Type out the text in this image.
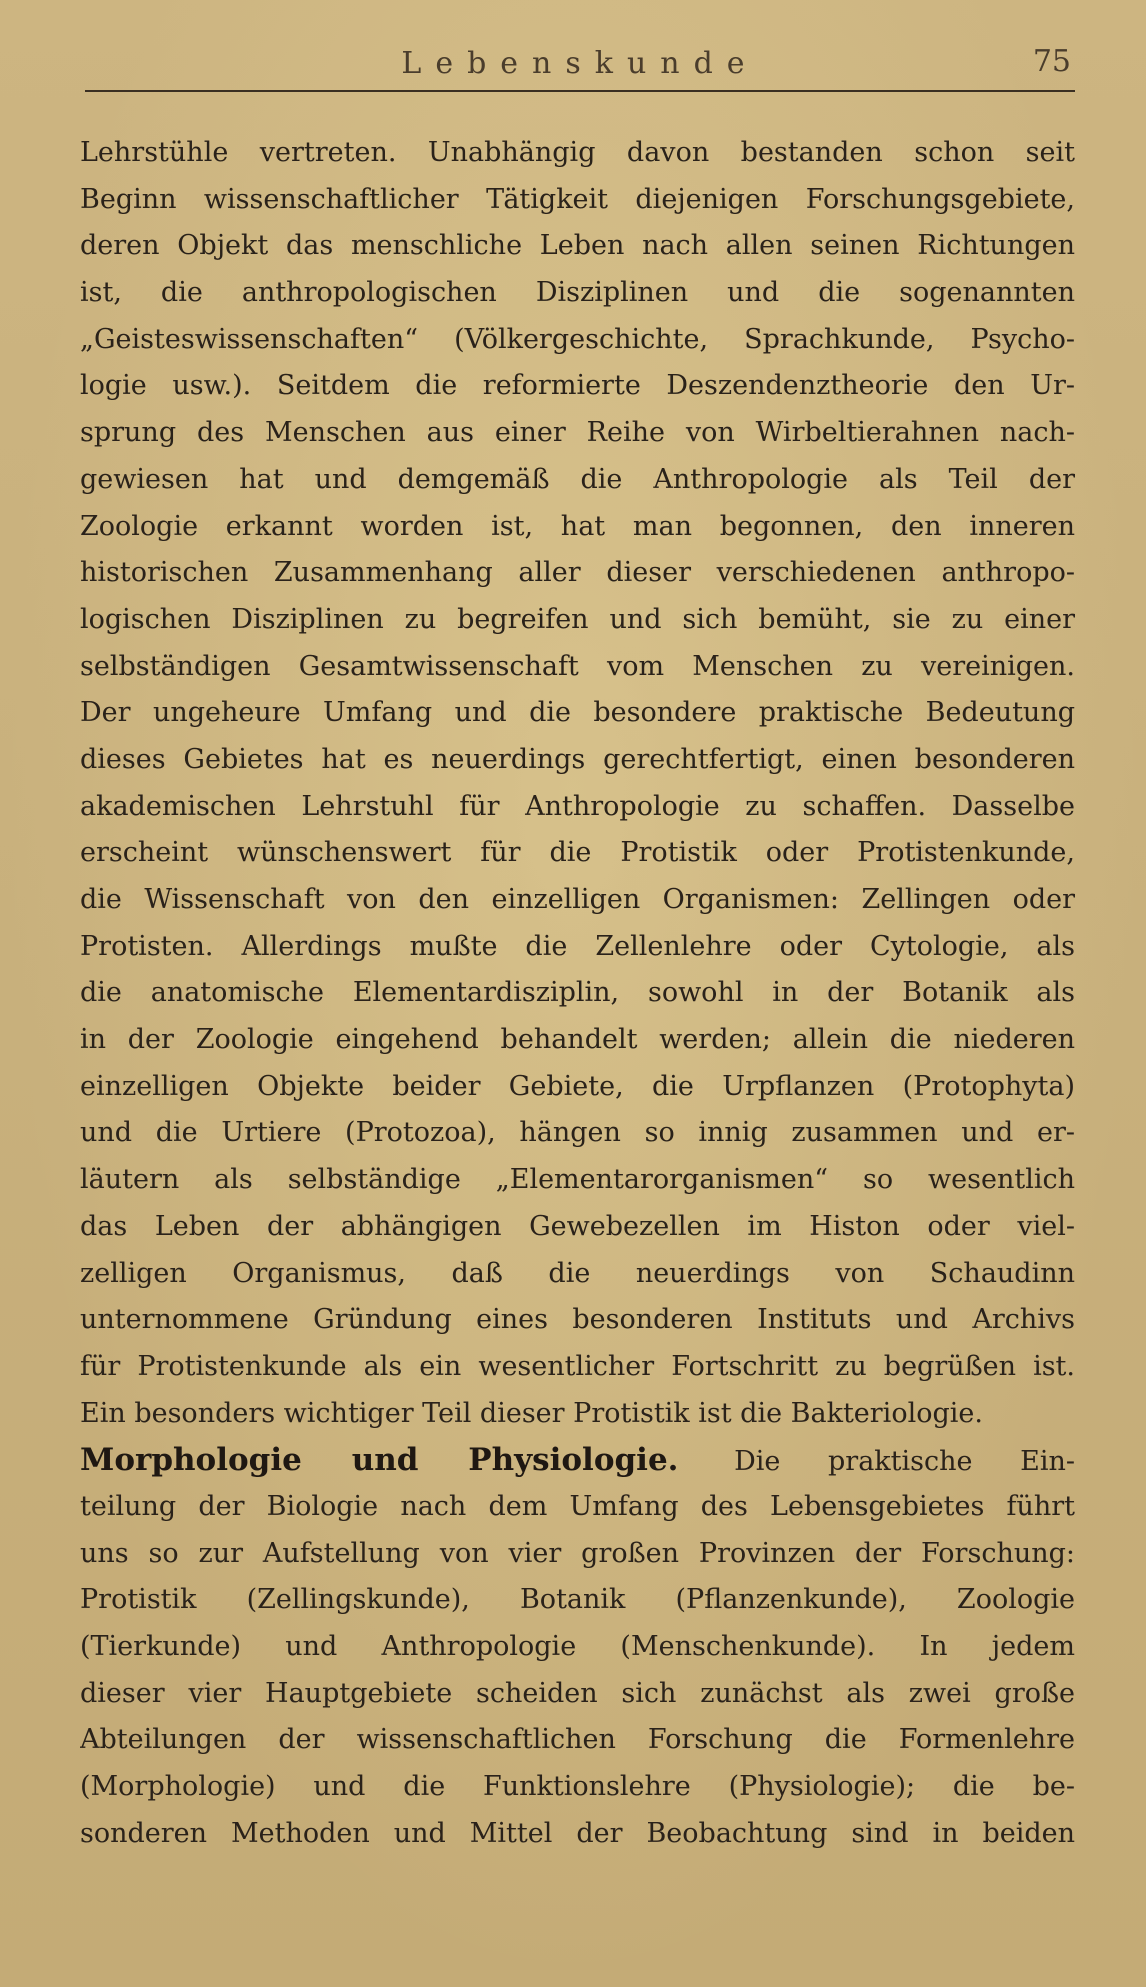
Lebenskunde	75
Lehrstühle vertreten. Unabhängig davon bestanden schon seit
Beginn wissenschaftlicher Tätigkeit diejenigen Forschungsgebiete,
deren Objekt das menschliche Leben nach allen seinen Richtungen
ist, die anthropologischen Disziplinen und die sogenannten
„Geisteswissenschaften“ (Völkergeschichte, Sprachkunde, Psycho-
logie usw.). Seitdem die reformierte Deszendenztheorie den Ur-
sprung des Menschen aus einer Reihe von Wirbeltierahnen nach-
gewiesen hat und demgemäß die Anthropologie als Teil der
Zoologie erkannt worden ist, hat man begonnen, den inneren
historischen Zusammenhang aller dieser verschiedenen anthropo-
logischen Disziplinen zu begreifen und sich bemüht, sie zu einer
selbständigen Gesamtwissenschaft vom Menschen zu vereinigen.
Der ungeheure Umfang und die besondere praktische Bedeutung
dieses Gebietes hat es neuerdings gerechtfertigt, einen besonderen
akademischen Lehrstuhl für Anthropologie zu schaffen. Dasselbe
erscheint wünschenswert für die Protistik oder Protistenkunde,
die Wissenschaft von den einzelligen Organismen: Zellingen oder
Protisten. Allerdings mußte die Zellenlehre oder Cytologie, als
die anatomische Elementardisziplin, sowohl in der Botanik als
in der Zoologie eingehend behandelt werden; allein die niederen
einzelligen Objekte beider Gebiete, die Urpflanzen (Protophyta)
und die Urtiere (Protozoa), hängen so innig zusammen und er-
läutern als selbständige „Elementarorganismen“ so wesentlich
das Leben der abhängigen Gewebezellen im Histon oder viel-
zelligen Organismus, daß die neuerdings von Schaudinn
unternommene Gründung eines besonderen Instituts und Archivs
für Protistenkunde als ein wesentlicher Fortschritt zu begrüßen ist.
Ein besonders wichtiger Teil dieser Protistik ist die Bakteriologie.
Morphologie und Physiologie. Die praktische Ein-
teilung der Biologie nach dem Umfang des Lebensgebietes führt
uns so zur Aufstellung von vier großen Provinzen der Forschung:
Protistik (Zellingskunde), Botanik (Pflanzenkunde), Zoologie
(Tierkunde) und Anthropologie (Menschenkunde). In jedem
dieser vier Hauptgebiete scheiden sich zunächst als zwei große
Abteilungen der wissenschaftlichen Forschung die Formenlehre
(Morphologie) und die Funktionslehre (Physiologie); die be-
sonderen Methoden und Mittel der Beobachtung sind in beiden
